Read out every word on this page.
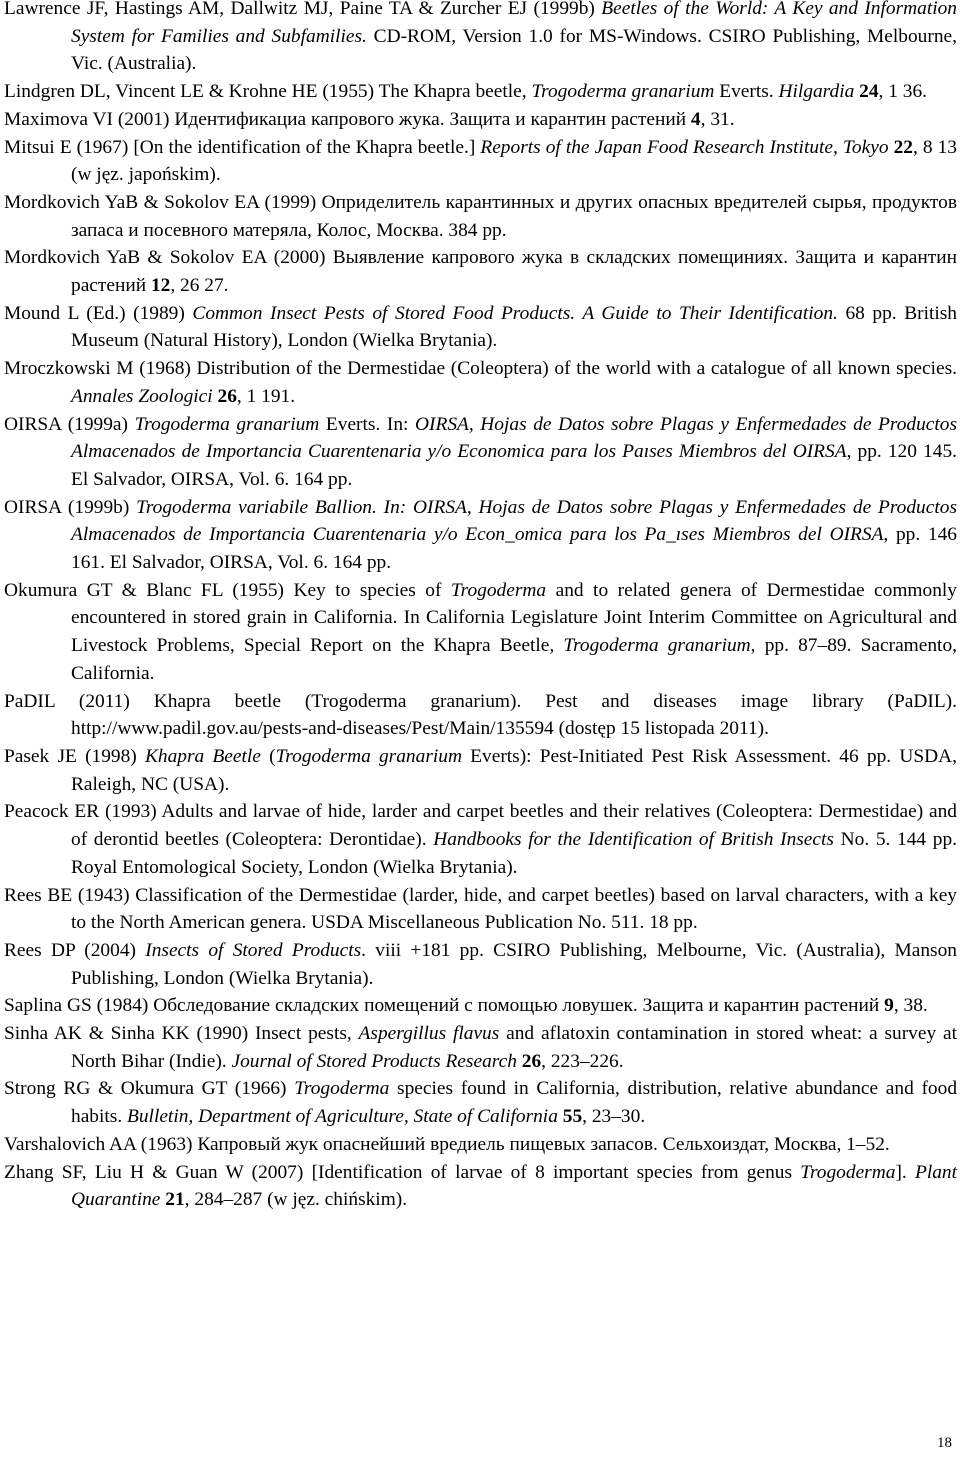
Lawrence JF, Hastings AM, Dallwitz MJ, Paine TA & Zurcher EJ (1999b) Beetles of the World: A Key and Information System for Families and Subfamilies. CD-ROM, Version 1.0 for MS-Windows. CSIRO Publishing, Melbourne, Vic. (Australia).

Lindgren DL, Vincent LE & Krohne HE (1955) The Khapra beetle, Trogoderma granarium Everts. Hilgardia 24, 1 36.

Maximova VI (2001) Идентификациа капрового жука. Защита и карантин растений 4, 31.

Mitsui E (1967) [On the identification of the Khapra beetle.] Reports of the Japan Food Research Institute, Tokyo 22, 8 13 (w jęz. japońskim).

Mordkovich YaB & Sokolov EA (1999) Оприделитель карантинных и других опасных вредителей сырья, продуктов запаса и посевного матеряла, Колос, Москва. 384 pp.

Mordkovich YaB & Sokolov EA (2000) Выявление капрового жука в складских помещиниях. Защита и карантин растений 12, 26 27.

Mound L (Ed.) (1989) Common Insect Pests of Stored Food Products. A Guide to Their Identification. 68 pp. British Museum (Natural History), London (Wielka Brytania).

Mroczkowski M (1968) Distribution of the Dermestidae (Coleoptera) of the world with a catalogue of all known species. Annales Zoologici 26, 1 191.

OIRSA (1999a) Trogoderma granarium Everts. In: OIRSA, Hojas de Datos sobre Plagas y Enfermedades de Productos Almacenados de Importancia Cuarentenaria y/o Economica para los Paıses Miembros del OIRSA, pp. 120 145. El Salvador, OIRSA, Vol. 6. 164 pp.

OIRSA (1999b) Trogoderma variabile Ballion. In: OIRSA, Hojas de Datos sobre Plagas y Enfermedades de Productos Almacenados de Importancia Cuarentenaria y/o Econ_omica para los Pa_ıses Miembros del OIRSA, pp. 146 161. El Salvador, OIRSA, Vol. 6. 164 pp.

Okumura GT & Blanc FL (1955) Key to species of Trogoderma and to related genera of Dermestidae commonly encountered in stored grain in California. In California Legislature Joint Interim Committee on Agricultural and Livestock Problems, Special Report on the Khapra Beetle, Trogoderma granarium, pp. 87–89. Sacramento, California.

PaDIL (2011) Khapra beetle (Trogoderma granarium). Pest and diseases image library (PaDIL). http://www.padil.gov.au/pests-and-diseases/Pest/Main/135594 (dostęp 15 listopada 2011).

Pasek JE (1998) Khapra Beetle (Trogoderma granarium Everts): Pest-Initiated Pest Risk Assessment. 46 pp. USDA, Raleigh, NC (USA).

Peacock ER (1993) Adults and larvae of hide, larder and carpet beetles and their relatives (Coleoptera: Dermestidae) and of derontid beetles (Coleoptera: Derontidae). Handbooks for the Identification of British Insects No. 5. 144 pp. Royal Entomological Society, London (Wielka Brytania).

Rees BE (1943) Classification of the Dermestidae (larder, hide, and carpet beetles) based on larval characters, with a key to the North American genera. USDA Miscellaneous Publication No. 511. 18 pp.

Rees DP (2004) Insects of Stored Products. viii +181 pp. CSIRO Publishing, Melbourne, Vic. (Australia), Manson Publishing, London (Wielka Brytania).

Saplina GS (1984) Обследование складских помещений с помощью ловушек. Защита и карантин растений 9, 38.

Sinha AK & Sinha KK (1990) Insect pests, Aspergillus flavus and aflatoxin contamination in stored wheat: a survey at North Bihar (Indie). Journal of Stored Products Research 26, 223–226.

Strong RG & Okumura GT (1966) Trogoderma species found in California, distribution, relative abundance and food habits. Bulletin, Department of Agriculture, State of California 55, 23–30.

Varshalovich AA (1963) Капровый жук опаснейший вредиель пищевых запасов. Сельхоиздат, Москва, 1–52.

Zhang SF, Liu H & Guan W (2007) [Identification of larvae of 8 important species from genus Trogoderma]. Plant Quarantine 21, 284–287 (w jęz. chińskim).

18
